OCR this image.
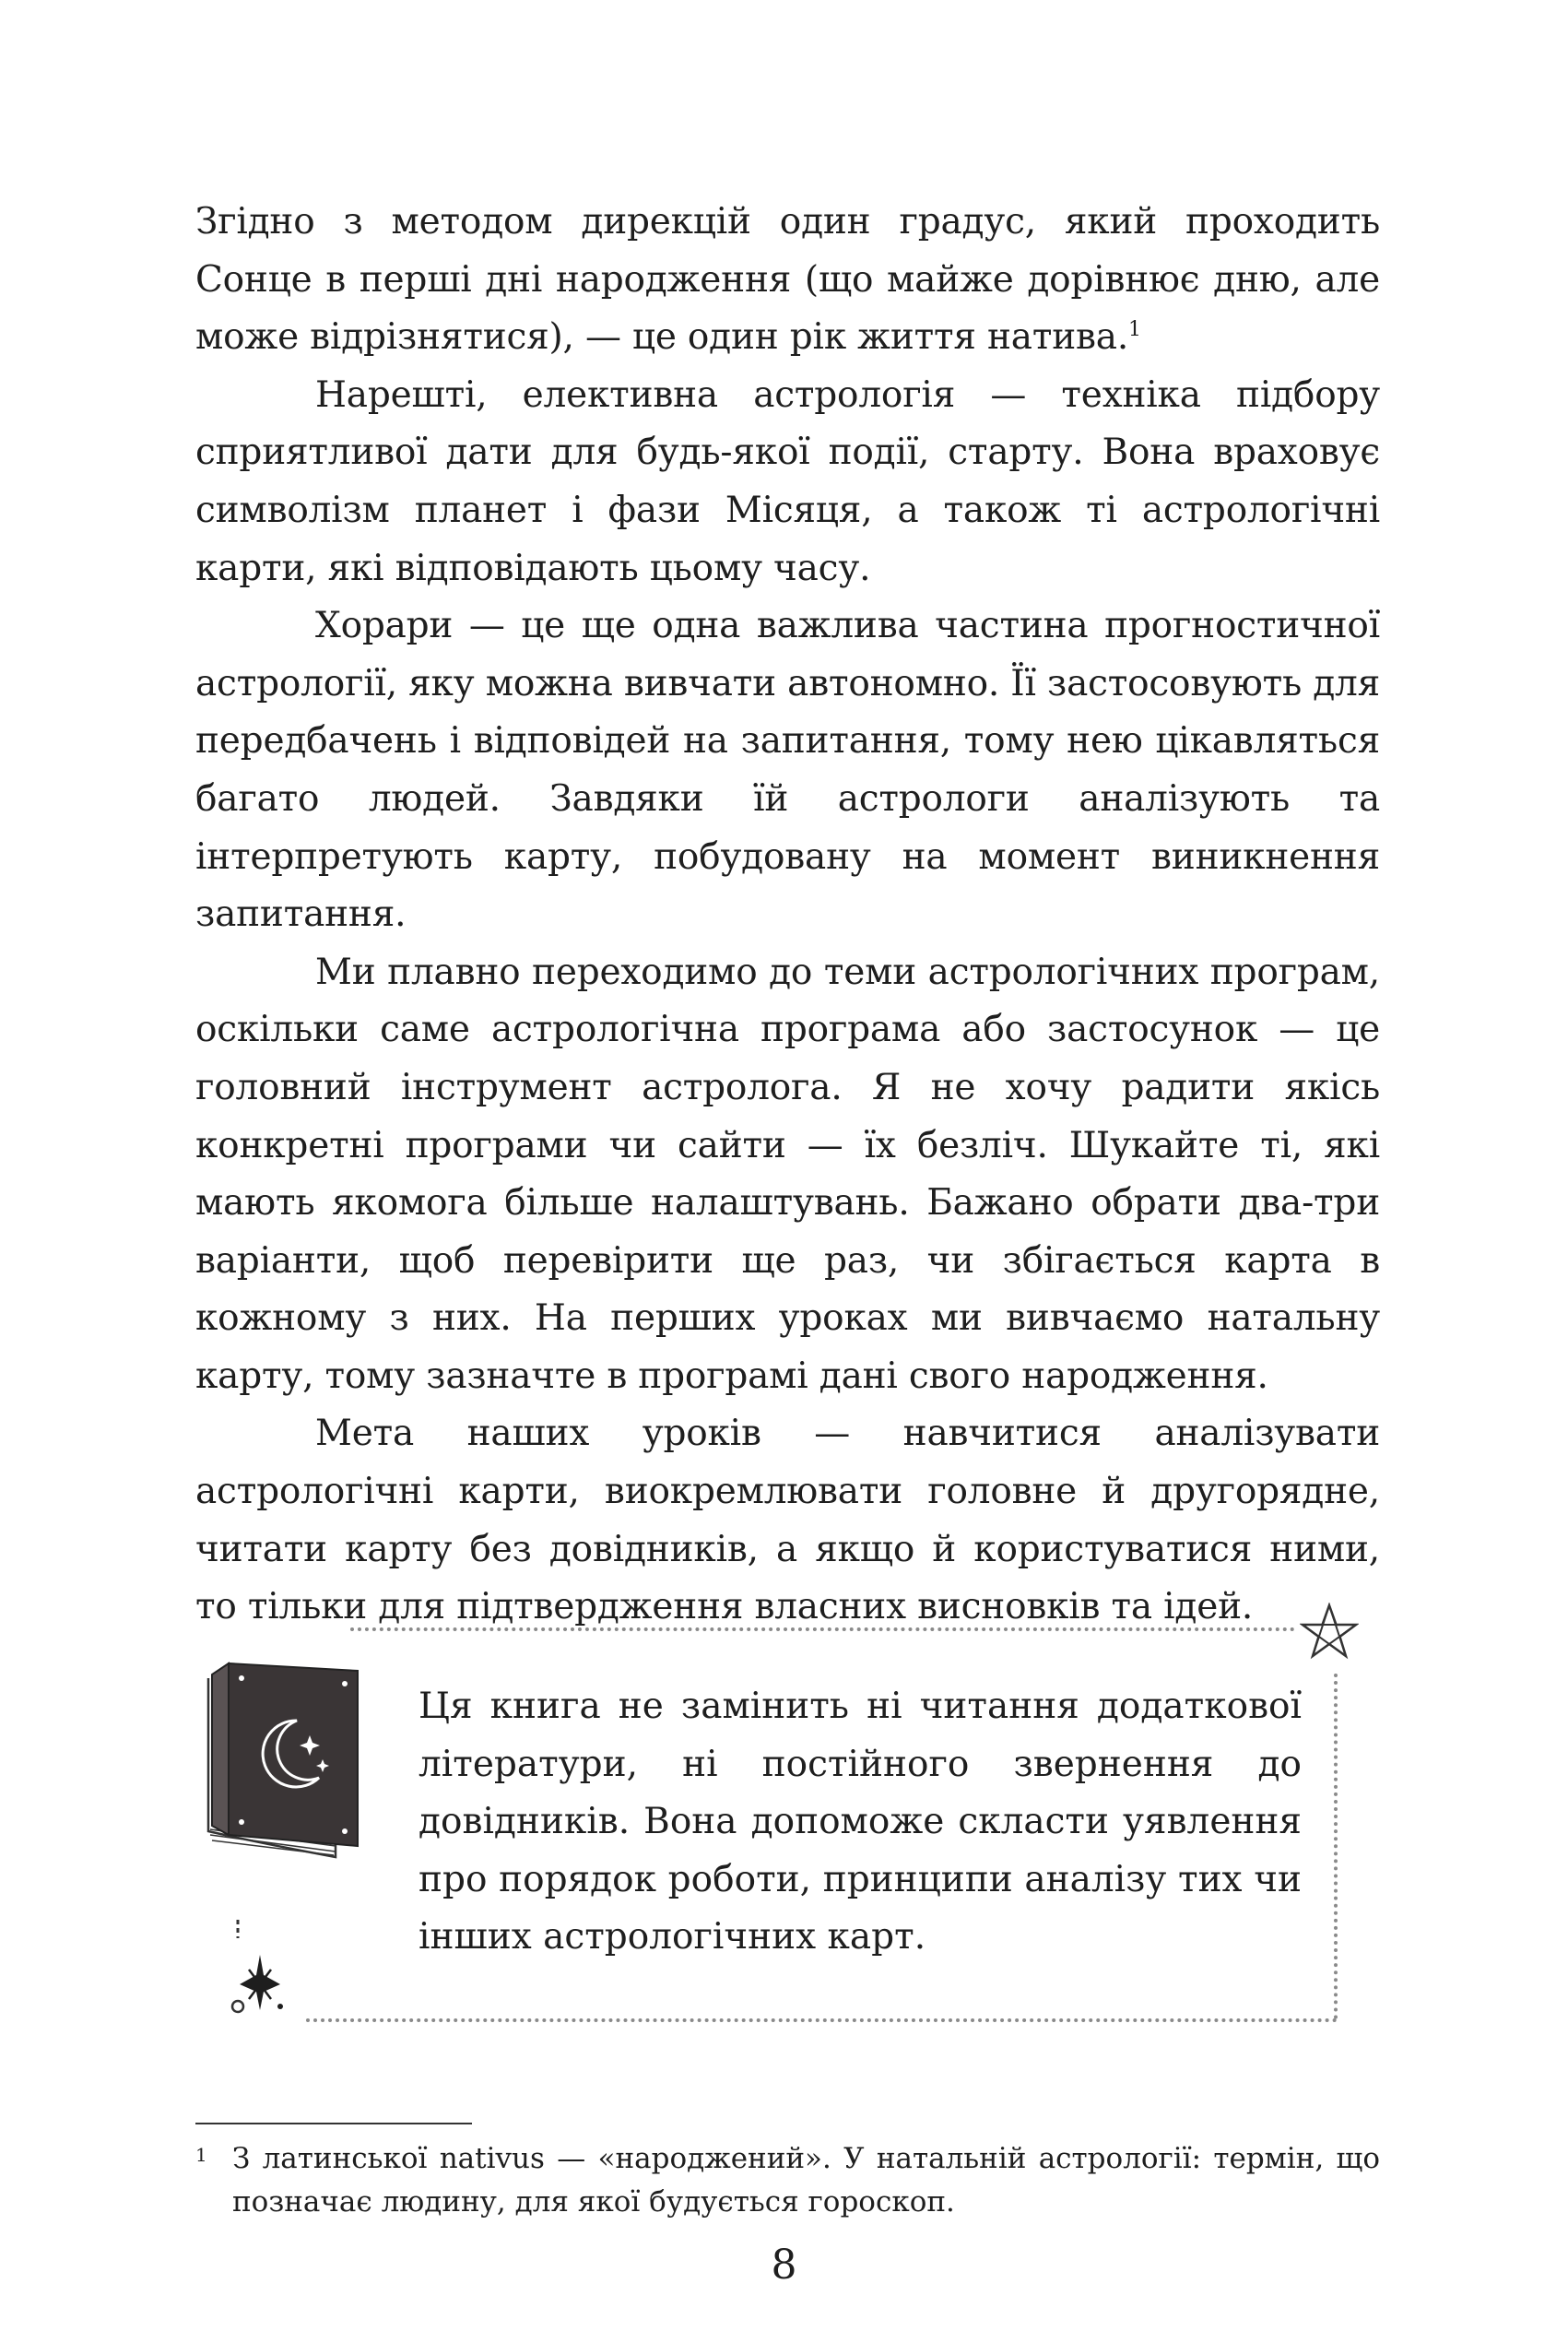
Згідно з методом дирекцій один градус, який проходить Сонце в перші дні народження (що майже дорівнює дню, але може відрізнятися), — це один рік життя натива.$^1$

Нарешті, елективна астрологія — техніка підбору сприятливої дати для будь-якої події, старту. Вона враховує символізм планет і фази Місяця, а також ті астрологічні карти, які відповідають цьому часу.

Хорари — це ще одна важлива частина прогностичної астрології, яку можна вивчати автономно. Її застосовують для передбачень і відповідей на запитання, тому нею цікавляться багато людей. Завдяки їй астрологи аналізують та інтерпретують карту, побудовану на момент виникнення запитання.

Ми плавно переходимо до теми астрологічних програм, оскільки саме астрологічна програма або застосунок — це головний інструмент астролога. Я не хочу радити якісь конкретні програми чи сайти — їх безліч. Шукайте ті, які мають якомога більше налаштувань. Бажано обрати два-три варіанти, щоб перевірити ще раз, чи збігається карта в кожному з них. На перших уроках ми вивчаємо натальну карту, тому зазначте в програмі дані свого народження.

Мета наших уроків — навчитися аналізувати астрологічні карти, виокремлювати головне й другорядне, читати карту без довідників, а якщо й користуватися ними, то тільки для підтвердження власних висновків та ідей.

Ця книга не замінить ні читання додаткової літератури, ні постійного звернення до довідників. Вона допоможе скласти уявлення про порядок роботи, принципи аналізу тих чи інших астрологічних карт.
1 З латинської nativus — «народжений». У натальній астрології: термін, що позначає людину, для якої будується гороскоп.
8
